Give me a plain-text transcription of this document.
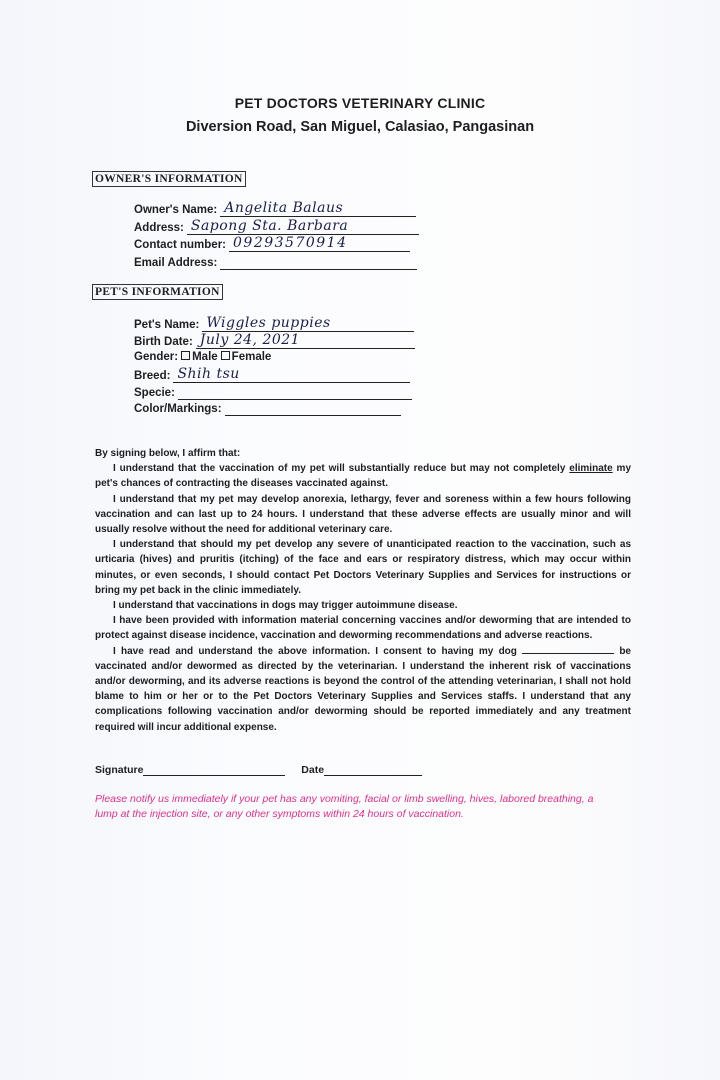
PET DOCTORS VETERINARY CLINIC
Diversion Road, San Miguel, Calasiao, Pangasinan
OWNER'S INFORMATION
Owner's Name: Angelita Balaus
Address: Sapong Sta. Barbara
Contact number: 09293570914
Email Address:
PET'S INFORMATION
Pet's Name: Wiggles puppies
Birth Date: July 24, 2021
Gender: Male Female
Breed: Shih tsu
Specie:
Color/Markings:

By signing below, I affirm that:

I understand that the vaccination of my pet will substantially reduce but may not completely eliminate my pet's chances of contracting the diseases vaccinated against.

I understand that my pet may develop anorexia, lethargy, fever and soreness within a few hours following vaccination and can last up to 24 hours. I understand that these adverse effects are usually minor and will usually resolve without the need for additional veterinary care.

I understand that should my pet develop any severe of unanticipated reaction to the vaccination, such as urticaria (hives) and pruritis (itching) of the face and ears or respiratory distress, which may occur within minutes, or even seconds, I should contact Pet Doctors Veterinary Supplies and Services for instructions or bring my pet back in the clinic immediately.

I understand that vaccinations in dogs may trigger autoimmune disease.

I have been provided with information material concerning vaccines and/or deworming that are intended to protect against disease incidence, vaccination and deworming recommendations and adverse reactions.

I have read and understand the above information. I consent to having my dog	be vaccinated and/or dewormed as directed by the veterinarian. I understand the inherent risk of vaccinations and/or deworming, and its adverse reactions is beyond the control of the attending veterinarian, I shall not hold blame to him or her or to the Pet Doctors Veterinary Supplies and Services staffs. I understand that any complications following vaccination and/or deworming should be reported immediately and any treatment required will incur additional expense.

Signature	Date
Please notify us immediately if your pet has any vomiting, facial or limb swelling, hives, labored breathing, a lump at the injection site, or any other symptoms within 24 hours of vaccination.
